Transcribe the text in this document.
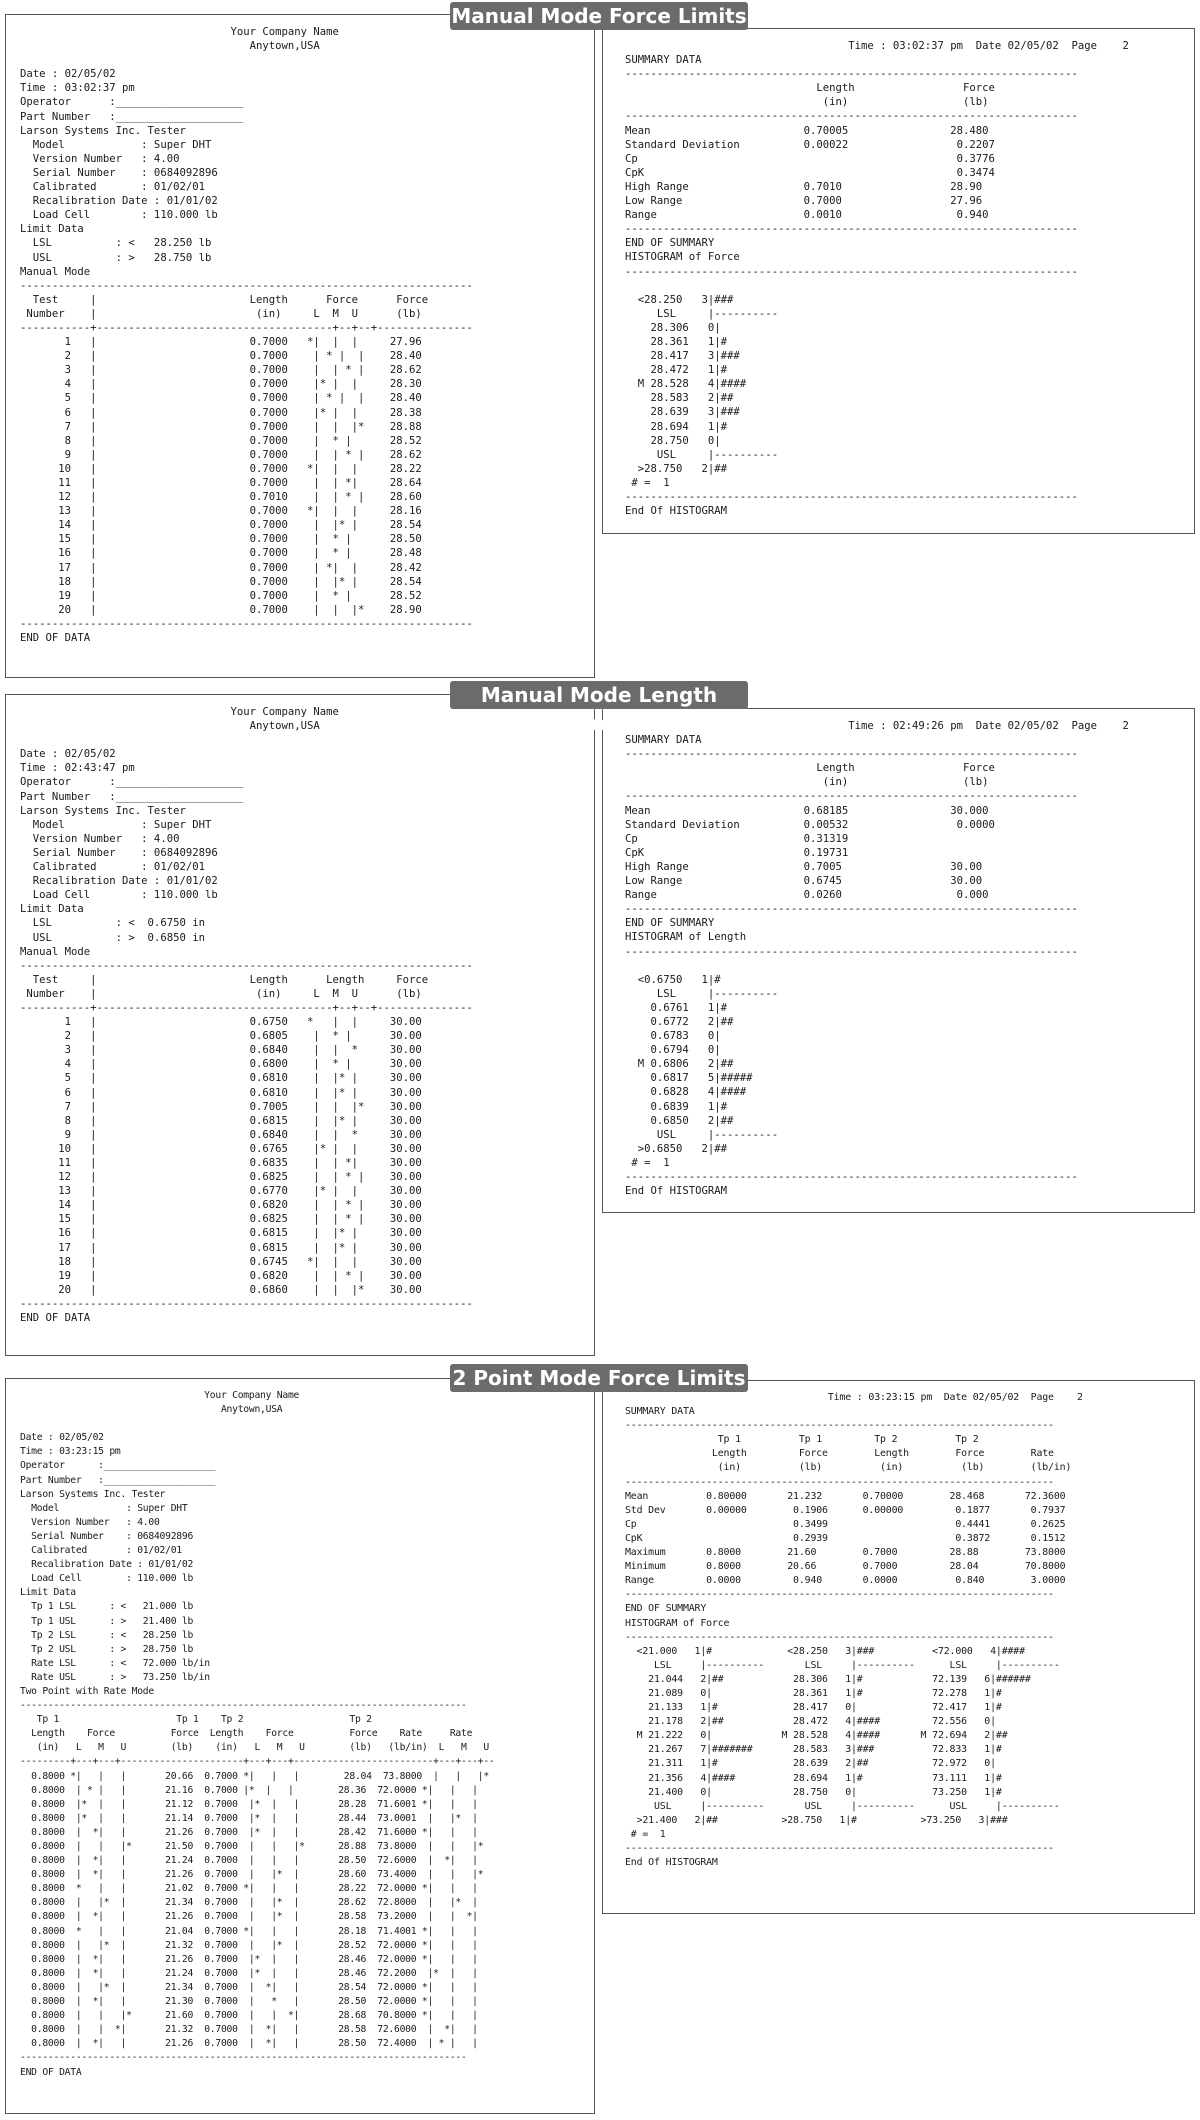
Manual Mode Force Limits
Your Company Name
Anytown,USA

Date : 02/05/02
Time : 03:02:37 pm
Operator      :____________________
Part Number   :____________________
Larson Systems Inc. Tester
Model            : Super DHT
Version Number   : 4.00
Serial Number    : 0684092896
Calibrated       : 01/02/01
Recalibration Date : 01/01/02
Load Cell        : 110.000 lb
Limit Data
LSL          : <   28.250 lb
USL          : >   28.750 lb
Manual Mode
-----------------------------------------------------------------------
Test     |                        Length      Force      Force
Number    |                         (in)     L  M  U      (lb)
-----------+-------------------------------------+--+--+---------------
1   |                        0.7000   *|  |  |     27.96
2   |                        0.7000    | * |  |    28.40
3   |                        0.7000    |  | * |    28.62
4   |                        0.7000    |* |  |     28.30
5   |                        0.7000    | * |  |    28.40
6   |                        0.7000    |* |  |     28.38
7   |                        0.7000    |  |  |*    28.88
8   |                        0.7000    |  * |      28.52
9   |                        0.7000    |  | * |    28.62
10   |                        0.7000   *|  |  |     28.22
11   |                        0.7000    |  | *|     28.64
12   |                        0.7010    |  | * |    28.60
13   |                        0.7000   *|  |  |     28.16
14   |                        0.7000    |  |* |     28.54
15   |                        0.7000    |  * |      28.50
16   |                        0.7000    |  * |      28.48
17   |                        0.7000    | *|  |     28.42
18   |                        0.7000    |  |* |     28.54
19   |                        0.7000    |  * |      28.52
20   |                        0.7000    |  |  |*    28.90
-----------------------------------------------------------------------
END OF DATA

Time : 03:02:37 pm  Date 02/05/02  Page    2
SUMMARY DATA
-----------------------------------------------------------------------
Length                 Force
(in)                  (lb)
-----------------------------------------------------------------------
Mean                        0.70005                28.480
Standard Deviation          0.00022                 0.2207
Cp                                                  0.3776
CpK                                                 0.3474
High Range                  0.7010                 28.90
Low Range                   0.7000                 27.96
Range                       0.0010                  0.940
-----------------------------------------------------------------------
END OF SUMMARY
HISTOGRAM of Force
-----------------------------------------------------------------------

<28.250   3|###
LSL     |----------
28.306   0|
28.361   1|#
28.417   3|###
28.472   1|#
M 28.528   4|####
28.583   2|##
28.639   3|###
28.694   1|#
28.750   0|
USL     |----------
>28.750   2|##
# =  1
-----------------------------------------------------------------------
End Of HISTOGRAM

Manual Mode Length Limits
Your Company Name
Anytown,USA

Date : 02/05/02
Time : 02:43:47 pm
Operator      :____________________
Part Number   :____________________
Larson Systems Inc. Tester
Model            : Super DHT
Version Number   : 4.00
Serial Number    : 0684092896
Calibrated       : 01/02/01
Recalibration Date : 01/01/02
Load Cell        : 110.000 lb
Limit Data
LSL          : <  0.6750 in
USL          : >  0.6850 in
Manual Mode
-----------------------------------------------------------------------
Test     |                        Length      Length     Force
Number    |                         (in)     L  M  U      (lb)
-----------+-------------------------------------+--+--+---------------
1   |                        0.6750   *   |  |     30.00
2   |                        0.6805    |  * |      30.00
3   |                        0.6840    |  |  *     30.00
4   |                        0.6800    |  * |      30.00
5   |                        0.6810    |  |* |     30.00
6   |                        0.6810    |  |* |     30.00
7   |                        0.7005    |  |  |*    30.00
8   |                        0.6815    |  |* |     30.00
9   |                        0.6840    |  |  *     30.00
10   |                        0.6765    |* |  |     30.00
11   |                        0.6835    |  | *|     30.00
12   |                        0.6825    |  | * |    30.00
13   |                        0.6770    |* |  |     30.00
14   |                        0.6820    |  | * |    30.00
15   |                        0.6825    |  | * |    30.00
16   |                        0.6815    |  |* |     30.00
17   |                        0.6815    |  |* |     30.00
18   |                        0.6745   *|  |  |     30.00
19   |                        0.6820    |  | * |    30.00
20   |                        0.6860    |  |  |*    30.00
-----------------------------------------------------------------------
END OF DATA

Time : 02:49:26 pm  Date 02/05/02  Page    2
SUMMARY DATA
-----------------------------------------------------------------------
Length                 Force
(in)                  (lb)
-----------------------------------------------------------------------
Mean                        0.68185                30.000
Standard Deviation          0.00532                 0.0000
Cp                          0.31319
CpK                         0.19731
High Range                  0.7005                 30.00
Low Range                   0.6745                 30.00
Range                       0.0260                  0.000
-----------------------------------------------------------------------
END OF SUMMARY
HISTOGRAM of Length
-----------------------------------------------------------------------

<0.6750   1|#
LSL     |----------
0.6761   1|#
0.6772   2|##
0.6783   0|
0.6794   0|
M 0.6806   2|##
0.6817   5|#####
0.6828   4|####
0.6839   1|#
0.6850   2|##
USL     |----------
>0.6850   2|##
# =  1
-----------------------------------------------------------------------
End Of HISTOGRAM

2 Point Mode Force Limits
Your Company Name
Anytown,USA

Date : 02/05/02
Time : 03:23:15 pm
Operator      :____________________
Part Number   :____________________
Larson Systems Inc. Tester
Model            : Super DHT
Version Number   : 4.00
Serial Number    : 0684092896
Calibrated       : 01/02/01
Recalibration Date : 01/01/02
Load Cell        : 110.000 lb
Limit Data
Tp 1 LSL      : <   21.000 lb
Tp 1 USL      : >   21.400 lb
Tp 2 LSL      : <   28.250 lb
Tp 2 USL      : >   28.750 lb
Rate LSL      : <   72.000 lb/in
Rate USL      : >   73.250 lb/in
Two Point with Rate Mode
--------------------------------------------------------------------------------
Tp 1                     Tp 1    Tp 2                   Tp 2
Length    Force          Force  Length    Force          Force    Rate     Rate
(in)   L   M   U        (lb)    (in)   L   M   U        (lb)   (lb/in)  L   M   U
---------+---+---+----------------------+---+---+-------------------------+---+---+--
0.8000 *|   |   |       20.66  0.7000 *|   |   |        28.04  73.8000  |   |   |*
0.8000  | * |   |       21.16  0.7000 |*  |   |        28.36  72.0000 *|   |   |
0.8000  |*  |   |       21.12  0.7000  |*  |   |       28.28  71.6001 *|   |   |
0.8000  |*  |   |       21.14  0.7000  |*  |   |       28.44  73.0001  |   |*  |
0.8000  |  *|   |       21.26  0.7000  |*  |   |       28.42  71.6000 *|   |   |
0.8000  |   |   |*      21.50  0.7000  |   |   |*      28.88  73.8000  |   |   |*
0.8000  |  *|   |       21.24  0.7000  |   |   |       28.50  72.6000  |  *|   |
0.8000  |  *|   |       21.26  0.7000  |   |*  |       28.60  73.4000  |   |   |*
0.8000  *   |   |       21.02  0.7000 *|   |   |       28.22  72.0000 *|   |   |
0.8000  |   |*  |       21.34  0.7000  |   |*  |       28.62  72.8000  |   |*  |
0.8000  |  *|   |       21.26  0.7000  |   |*  |       28.58  73.2000  |   |  *|
0.8000  *   |   |       21.04  0.7000 *|   |   |       28.18  71.4001 *|   |   |
0.8000  |   |*  |       21.32  0.7000  |   |*  |       28.52  72.0000 *|   |   |
0.8000  |  *|   |       21.26  0.7000  |*  |   |       28.46  72.0000 *|   |   |
0.8000  |  *|   |       21.24  0.7000  |*  |   |       28.46  72.2000  |*  |   |
0.8000  |   |*  |       21.34  0.7000  |  *|   |       28.54  72.0000 *|   |   |
0.8000  |  *|   |       21.30  0.7000  |   *   |       28.50  72.0000 *|   |   |
0.8000  |   |   |*      21.60  0.7000  |   |  *|       28.68  70.8000 *|   |   |
0.8000  |   |  *|       21.32  0.7000  |  *|   |       28.58  72.6000  |  *|   |
0.8000  |  *|   |       21.26  0.7000  |  *|   |       28.50  72.4000  | * |   |
--------------------------------------------------------------------------------
END OF DATA

Time : 03:23:15 pm  Date 02/05/02  Page    2
SUMMARY DATA
--------------------------------------------------------------------------
Tp 1          Tp 1         Tp 2          Tp 2
Length         Force        Length        Force        Rate
(in)          (lb)          (in)          (lb)        (lb/in)
--------------------------------------------------------------------------
Mean          0.80000       21.232       0.70000        28.468       72.3600
Std Dev       0.00000        0.1906      0.00000         0.1877       0.7937
Cp                           0.3499                      0.4441       0.2625
CpK                          0.2939                      0.3872       0.1512
Maximum       0.8000        21.60        0.7000         28.88        73.8000
Minimum       0.8000        20.66        0.7000         28.04        70.8000
Range         0.0000         0.940       0.0000          0.840        3.0000
--------------------------------------------------------------------------
END OF SUMMARY
HISTOGRAM of Force
--------------------------------------------------------------------------
<21.000   1|#             <28.250   3|###          <72.000   4|####
LSL     |----------       LSL     |----------      LSL     |----------
21.044   2|##            28.306   1|#            72.139   6|######
21.089   0|              28.361   1|#            72.278   1|#
21.133   1|#             28.417   0|             72.417   1|#
21.178   2|##            28.472   4|####         72.556   0|
M 21.222   0|            M 28.528   4|####       M 72.694   2|##
21.267   7|#######       28.583   3|###          72.833   1|#
21.311   1|#             28.639   2|##           72.972   0|
21.356   4|####          28.694   1|#            73.111   1|#
21.400   0|              28.750   0|             73.250   1|#
USL     |----------       USL     |----------      USL     |----------
>21.400   2|##           >28.750   1|#           >73.250   3|###
# =  1
--------------------------------------------------------------------------
End Of HISTOGRAM
